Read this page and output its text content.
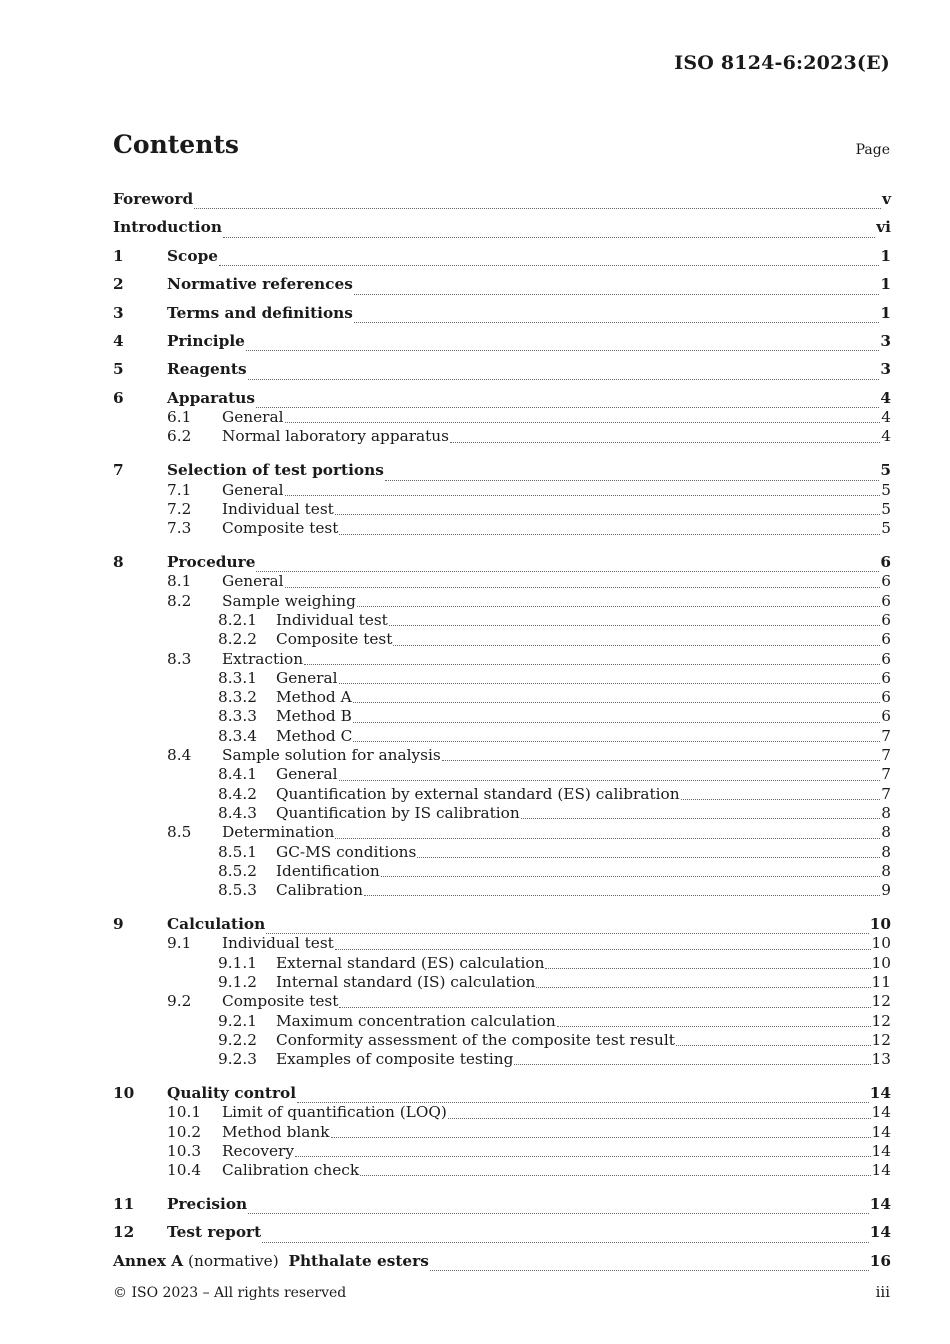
ISO 8124-6:2023(E)
Contents	Page
Foreword	v
Introduction	vi
1	Scope	1
2	Normative references	1
3	Terms and definitions	1
4	Principle	3
5	Reagents	3
6	Apparatus	4
6.1	General	4
6.2	Normal laboratory apparatus	4
7	Selection of test portions	5
7.1	General	5
7.2	Individual test	5
7.3	Composite test	5
8	Procedure	6
8.1	General	6
8.2	Sample weighing	6
8.2.1	Individual test	6
8.2.2	Composite test	6
8.3	Extraction	6
8.3.1	General	6
8.3.2	Method A	6
8.3.3	Method B	6
8.3.4	Method C	7
8.4	Sample solution for analysis	7
8.4.1	General	7
8.4.2	Quantification by external standard (ES) calibration	7
8.4.3	Quantification by IS calibration	8
8.5	Determination	8
8.5.1	GC-MS conditions	8
8.5.2	Identification	8
8.5.3	Calibration	9
9	Calculation	10
9.1	Individual test	10
9.1.1	External standard (ES) calculation	10
9.1.2	Internal standard (IS) calculation	11
9.2	Composite test	12
9.2.1	Maximum concentration calculation	12
9.2.2	Conformity assessment of the composite test result	12
9.2.3	Examples of composite testing	13
10	Quality control	14
10.1	Limit of quantification (LOQ)	14
10.2	Method blank	14
10.3	Recovery	14
10.4	Calibration check	14
11	Precision	14
12	Test report	14
Annex A (normative)  Phthalate esters	16
© ISO 2023 – All rights reserved	iii
